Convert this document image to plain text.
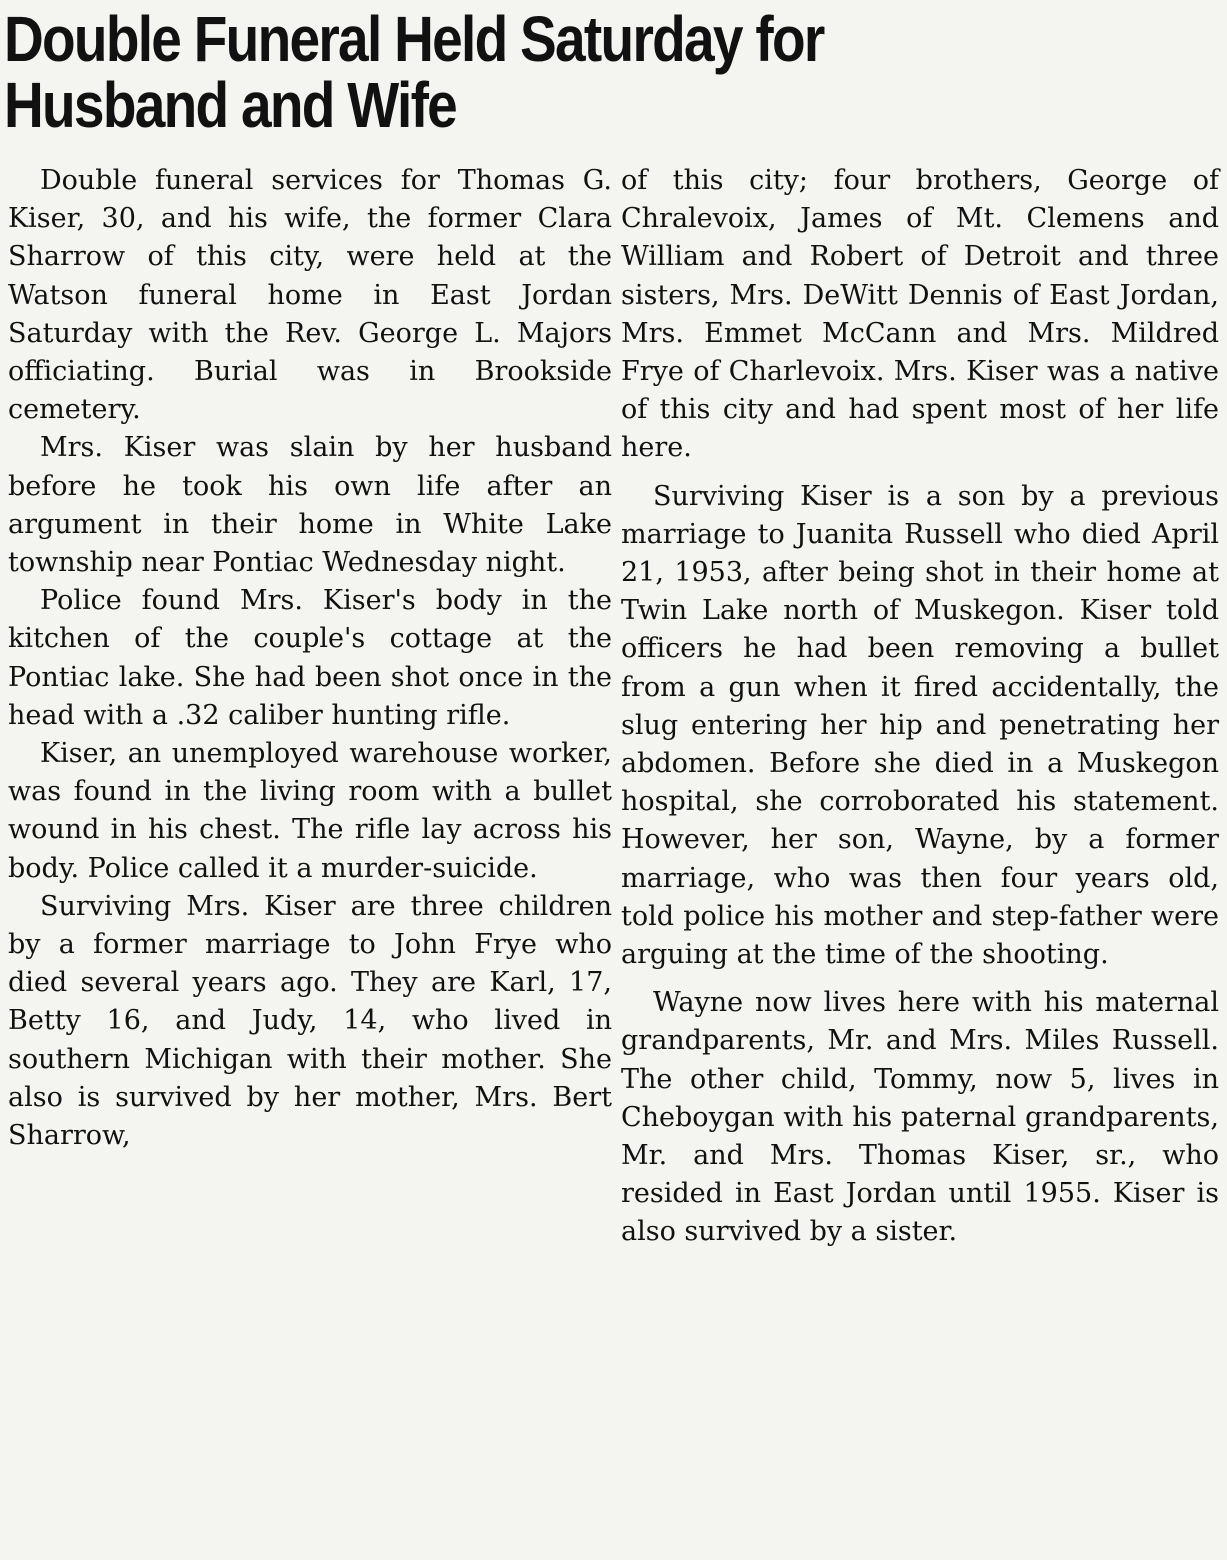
Double Funeral Held Saturday for Husband and Wife

Double funeral services for Thomas G. Kiser, 30, and his wife, the former Clara Sharrow of this city, were held at the Watson funeral home in East Jordan Saturday with the Rev. George L. Majors officiating. Burial was in Brookside cemetery.

Mrs. Kiser was slain by her husband before he took his own life after an argument in their home in White Lake township near Pontiac Wednesday night.

Police found Mrs. Kiser's body in the kitchen of the couple's cottage at the Pontiac lake. She had been shot once in the head with a .32 caliber hunting rifle.

Kiser, an unemployed warehouse worker, was found in the living room with a bullet wound in his chest. The rifle lay across his body. Police called it a murder-suicide.

Surviving Mrs. Kiser are three children by a former marriage to John Frye who died several years ago. They are Karl, 17, Betty 16, and Judy, 14, who lived in southern Michigan with their mother. She also is survived by her mother, Mrs. Bert Sharrow,

of this city; four brothers, George of Chralevoix, James of Mt. Clemens and William and Robert of Detroit and three sisters, Mrs. DeWitt Dennis of East Jordan, Mrs. Emmet McCann and Mrs. Mildred Frye of Charlevoix. Mrs. Kiser was a native of this city and had spent most of her life here.

Surviving Kiser is a son by a previous marriage to Juanita Russell who died April 21, 1953, after being shot in their home at Twin Lake north of Muskegon. Kiser told officers he had been removing a bullet from a gun when it fired accidentally, the slug entering her hip and penetrating her abdomen. Before she died in a Muskegon hospital, she corroborated his statement. However, her son, Wayne, by a former marriage, who was then four years old, told police his mother and step-father were arguing at the time of the shooting.

Wayne now lives here with his maternal grandparents, Mr. and Mrs. Miles Russell. The other child, Tommy, now 5, lives in Cheboygan with his paternal grandparents, Mr. and Mrs. Thomas Kiser, sr., who resided in East Jordan until 1955. Kiser is also survived by a sister.
